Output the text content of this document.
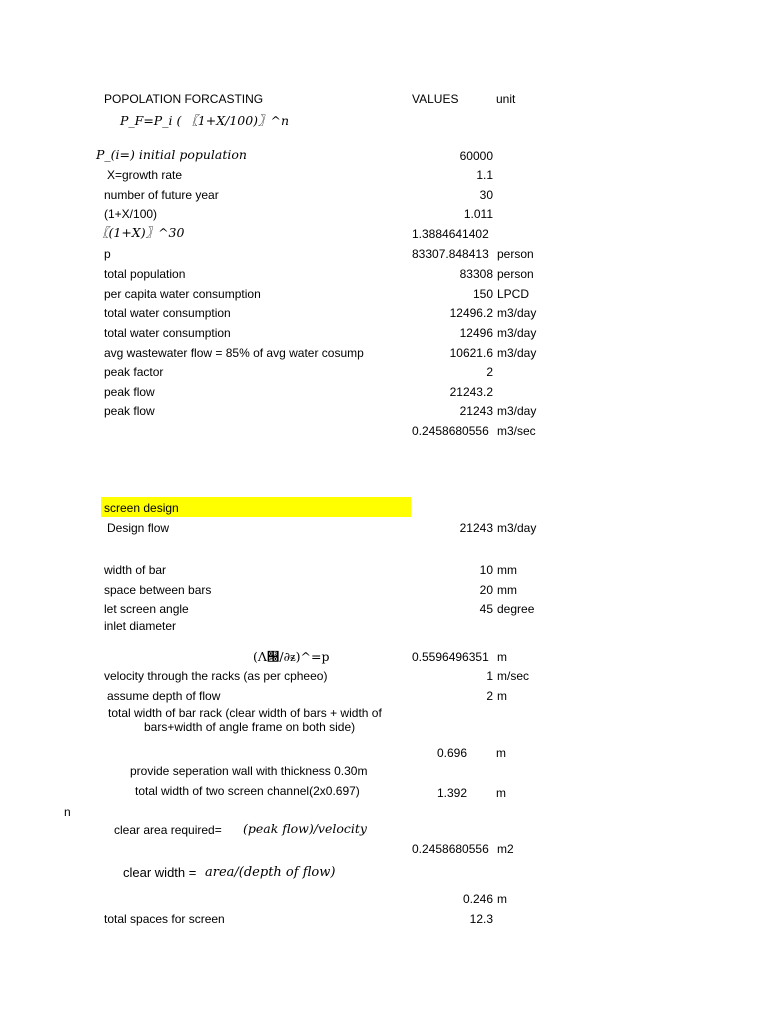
POPOLATION FORCASTING	VALUES	unit
P_F=P_i ( 〖1+X/100)〗^n
P_(i=) initial population	60000
X=growth rate	1.1
number of future year	30
(1+X/100)	1.011
〖(1+X)〗^30	1.3884641402
p	83307.848413 person
total population	83308 person
per capita water consumption	150 LPCD
total water consumption	12496.2 m3/day
total water consumption	12496 m3/day
avg wastewater flow = 85% of avg water cosump	10621.6 m3/day
peak factor	2
peak flow	21243.2
peak flow	21243 m3/day
0.2458680556 m3/sec
screen design
Design flow	21243 m3/day
width of bar	10 mm
space between bars	20 mm
let screen angle	45 degree
inlet diameter
(Λ୐/∂ᵶ)^=p	0.5596496351 m
velocity through the racks (as per cpheeo)	1 m/sec
assume depth of flow	2 m
total width of bar rack (clear width of bars + width of
bars+width of angle frame on both side)
0.696 m
provide seperation wall with thickness 0.30m
total width of two screen channel(2x0.697)	1.392 m
n
clear area required= (peak flow)/velocity
0.2458680556 m2
clear width = area/(depth of flow)
0.246 m
total spaces for screen	12.3
